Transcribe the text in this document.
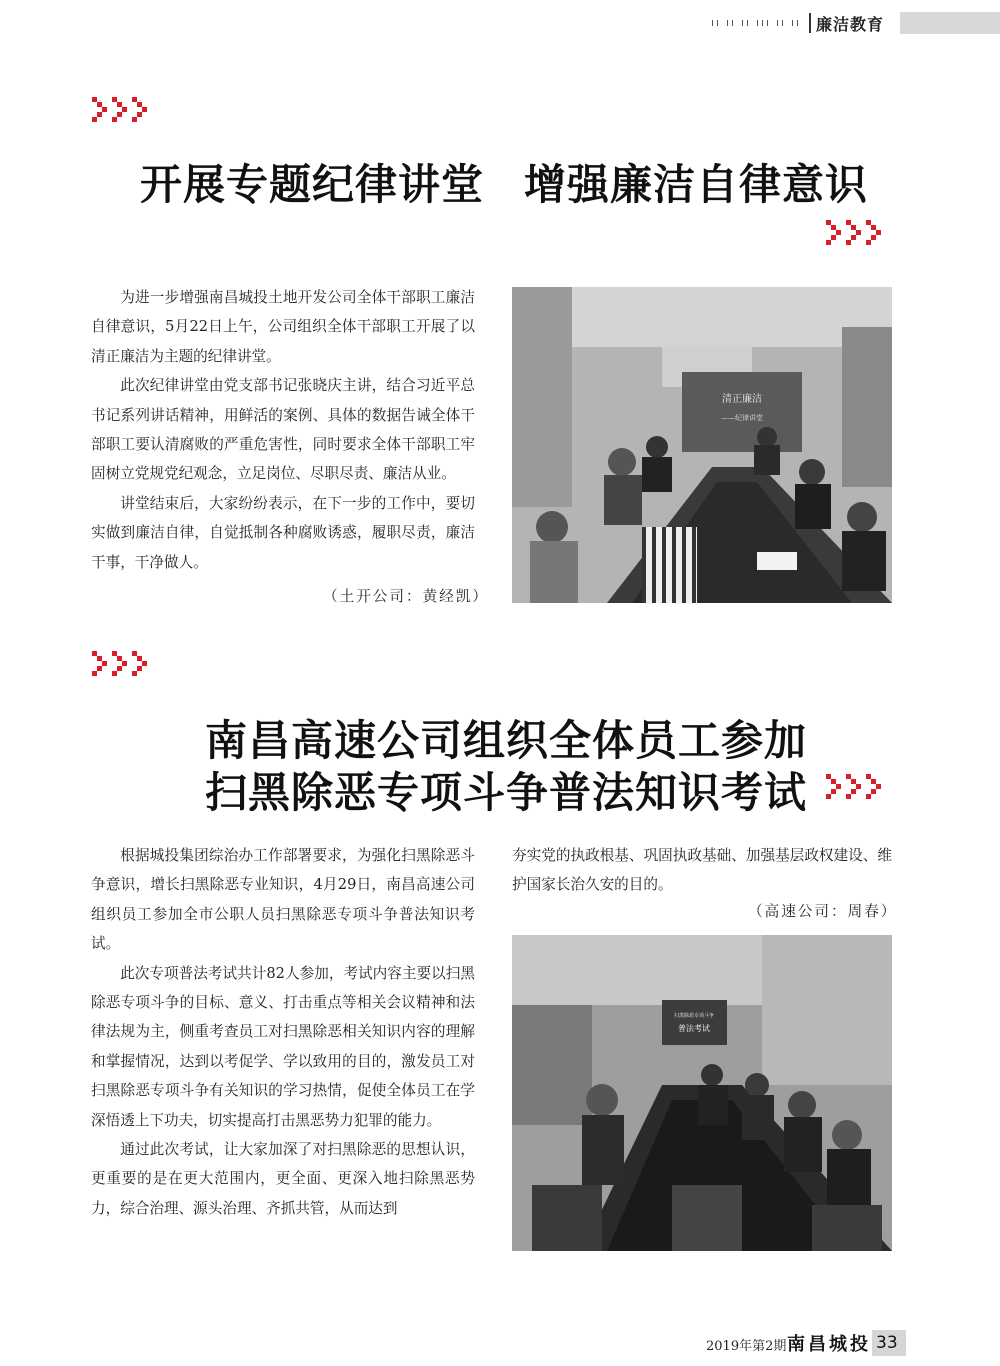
廉洁教育
开展专题纪律讲堂 增强廉洁自律意识

为进一步增强南昌城投土地开发公司全体干部职工廉洁自律意识，5月22日上午，公司组织全体干部职工开展了以清正廉洁为主题的纪律讲堂。

此次纪律讲堂由党支部书记张晓庆主讲，结合习近平总书记系列讲话精神，用鲜活的案例、具体的数据告诫全体干部职工要认清腐败的严重危害性，同时要求全体干部职工牢固树立党规党纪观念，立足岗位、尽职尽责、廉洁从业。

讲堂结束后，大家纷纷表示，在下一步的工作中，要切实做到廉洁自律，自觉抵制各种腐败诱惑，履职尽责，廉洁干事，干净做人。

（土开公司：黄经凯）
清正廉洁
——纪律讲堂
南昌高速公司组织全体员工参加
扫黑除恶专项斗争普法知识考试

根据城投集团综治办工作部署要求，为强化扫黑除恶斗争意识，增长扫黑除恶专业知识，4月29日，南昌高速公司组织员工参加全市公职人员扫黑除恶专项斗争普法知识考试。

此次专项普法考试共计82人参加，考试内容主要以扫黑除恶专项斗争的目标、意义、打击重点等相关会议精神和法律法规为主，侧重考查员工对扫黑除恶相关知识内容的理解和掌握情况，达到以考促学、学以致用的目的，激发员工对扫黑除恶专项斗争有关知识的学习热情，促使全体员工在学深悟透上下功夫，切实提高打击黑恶势力犯罪的能力。

通过此次考试，让大家加深了对扫黑除恶的思想认识，更重要的是在更大范围内，更全面、更深入地扫除黑恶势力，综合治理、源头治理、齐抓共管，从而达到

夯实党的执政根基、巩固执政基础、加强基层政权建设、维护国家长治久安的目的。

（高速公司：周春）
扫黑除恶专项斗争
普法考试
2019年第2期 南昌城投 33
